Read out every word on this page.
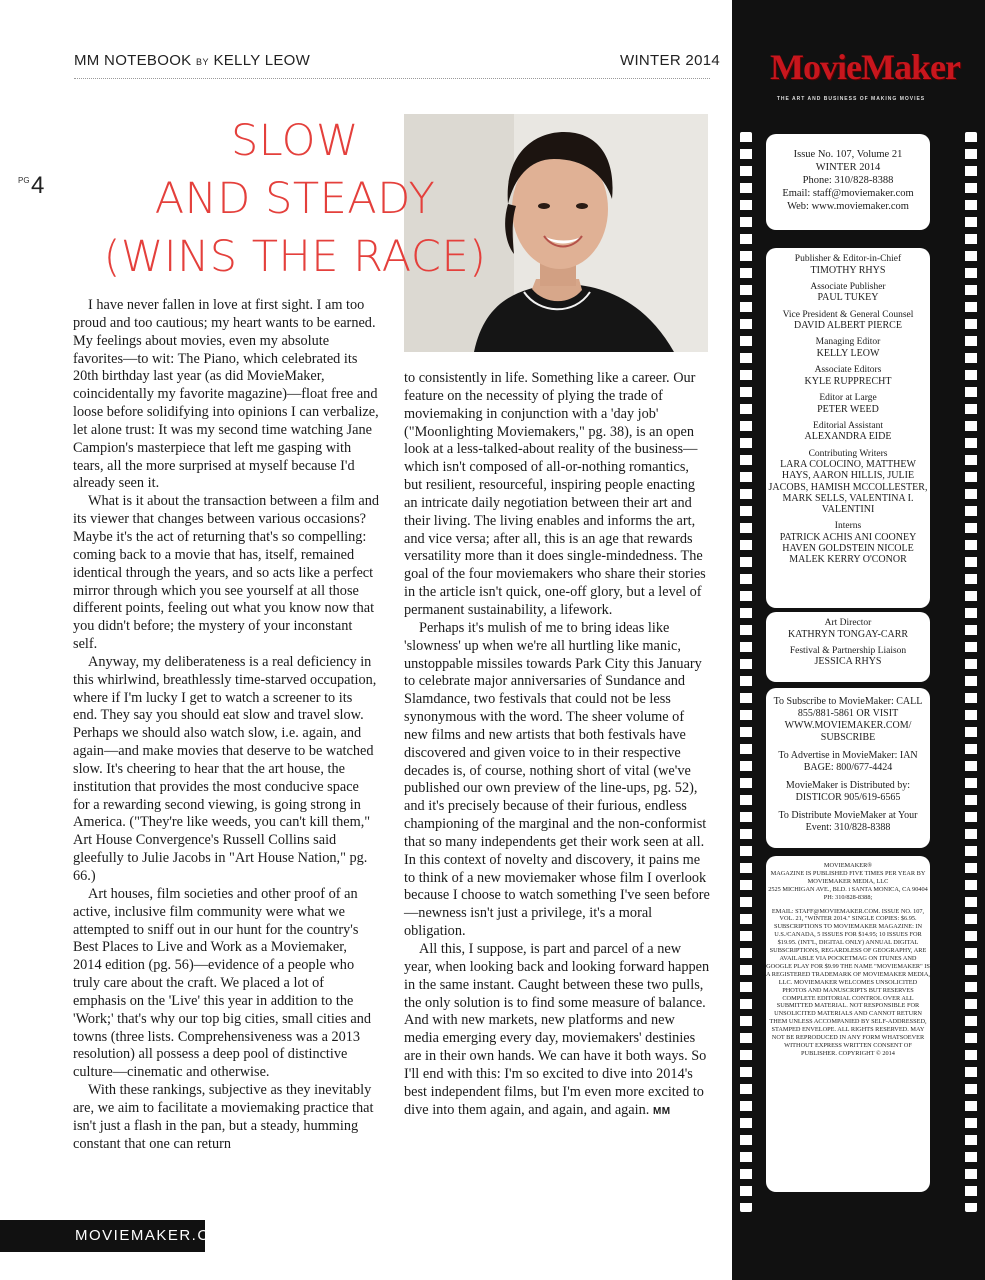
MM NOTEBOOK BY KELLY LEOW	WINTER 2014
PG 4
SLOW
AND STEADY
(WINS THE RACE)

I have never fallen in love at first sight. I am too proud and too cautious; my heart wants to be earned. My feelings about movies, even my absolute favorites—to wit: The Piano, which celebrated its 20th birthday last year (as did MovieMaker, coincidentally my favorite magazine)—float free and loose before solidifying into opinions I can verbalize, let alone trust: It was my second time watching Jane Campion's masterpiece that left me gasping with tears, all the more surprised at myself because I'd already seen it.

What is it about the transaction between a film and its viewer that changes between various occasions? Maybe it's the act of returning that's so compelling: coming back to a movie that has, itself, remained identical through the years, and so acts like a perfect mirror through which you see yourself at all those different points, feeling out what you know now that you didn't before; the mystery of your inconstant self.

Anyway, my deliberateness is a real deficiency in this whirlwind, breathlessly time-starved occupation, where if I'm lucky I get to watch a screener to its end. They say you should eat slow and travel slow. Perhaps we should also watch slow, i.e. again, and again—and make movies that deserve to be watched slow. It's cheering to hear that the art house, the institution that provides the most conducive space for a rewarding second viewing, is going strong in America. ("They're like weeds, you can't kill them," Art House Convergence's Russell Collins said gleefully to Julie Jacobs in "Art House Nation," pg. 66.)

Art houses, film societies and other proof of an active, inclusive film community were what we attempted to sniff out in our hunt for the country's Best Places to Live and Work as a Moviemaker, 2014 edition (pg. 56)—evidence of a people who truly care about the craft. We placed a lot of emphasis on the 'Live' this year in addition to the 'Work;' that's why our top big cities, small cities and towns (three lists. Comprehensiveness was a 2013 resolution) all possess a deep pool of distinctive culture—cinematic and otherwise.

With these rankings, subjective as they inevitably are, we aim to facilitate a moviemaking practice that isn't just a flash in the pan, but a steady, humming constant that one can return

to consistently in life. Something like a career. Our feature on the necessity of plying the trade of moviemaking in conjunction with a 'day job' ("Moonlighting Moviemakers," pg. 38), is an open look at a less-talked-about reality of the business—which isn't composed of all-or-nothing romantics, but resilient, resourceful, inspiring people enacting an intricate daily negotiation between their art and their living. The living enables and informs the art, and vice versa; after all, this is an age that rewards versatility more than it does single-mindedness. The goal of the four moviemakers who share their stories in the article isn't quick, one-off glory, but a level of permanent sustainability, a lifework.

Perhaps it's mulish of me to bring ideas like 'slowness' up when we're all hurtling like manic, unstoppable missiles towards Park City this January to celebrate major anniversaries of Sundance and Slamdance, two festivals that could not be less synonymous with the word. The sheer volume of new films and new artists that both festivals have discovered and given voice to in their respective decades is, of course, nothing short of vital (we've published our own preview of the line-ups, pg. 52), and it's precisely because of their furious, endless championing of the marginal and the non-conformist that so many independents get their work seen at all. In this context of novelty and discovery, it pains me to think of a new moviemaker whose film I overlook because I choose to watch something I've seen before—newness isn't just a privilege, it's a moral obligation.

All this, I suppose, is part and parcel of a new year, when looking back and looking forward happen in the same instant. Caught between these two pulls, the only solution is to find some measure of balance. And with new markets, new platforms and new media emerging every day, moviemakers' destinies are in their own hands. We can have it both ways. So I'll end with this: I'm so excited to dive into 2014's best independent films, but I'm even more excited to dive into them again, and again, and again. MM

MOVIEMAKER.COM
MovieMaker
THE ART AND BUSINESS OF MAKING MOVIES
Issue No. 107, Volume 21
WINTER 2014
Phone: 310/828-8388
Email: staff@moviemaker.com
Web: www.moviemaker.com
Publisher & Editor-in-Chief
TIMOTHY RHYS
Associate Publisher
PAUL TUKEY
Vice President & General Counsel
DAVID ALBERT PIERCE
Managing Editor
KELLY LEOW
Associate Editors
KYLE RUPPRECHT
Editor at Large
PETER WEED
Editorial Assistant
ALEXANDRA EIDE
Contributing Writers
LARA COLOCINO, MATTHEW HAYS, AARON HILLIS, JULIE JACOBS, HAMISH MCCOLLESTER, MARK SELLS, VALENTINA I. VALENTINI
Interns
PATRICK ACHIS ANI COONEY HAVEN GOLDSTEIN NICOLE MALEK KERRY O'CONOR
Art Director
KATHRYN TONGAY-CARR
Festival & Partnership Liaison
JESSICA RHYS
To Subscribe to MovieMaker: CALL 855/881-5861 OR VISIT WWW.MOVIEMAKER.COM/ SUBSCRIBE
To Advertise in MovieMaker: IAN BAGE: 800/677-4424
MovieMaker is Distributed by: DISTICOR 905/619-6565
To Distribute MovieMaker at Your Event: 310/828-8388
MOVIEMAKER®
MAGAZINE IS PUBLISHED FIVE TIMES PER YEAR BY MOVIEMAKER MEDIA, LLC
2525 MICHIGAN AVE., BLD. i SANTA MONICA, CA 90404 PH: 310/828-8388;
EMAIL: STAFF@MOVIEMAKER.COM. ISSUE NO. 107, VOL. 21, "WINTER 2014." SINGLE COPIES: $6.95. SUBSCRIPTIONS TO MOVIEMAKER MAGAZINE: IN U.S./CANADA, 5 ISSUES FOR $14.95; 10 ISSUES FOR $19.95. (INT'L, DIGITAL ONLY) ANNUAL DIGITAL SUBSCRIPTIONS, REGARDLESS OF GEOGRAPHY, ARE AVAILABLE VIA POCKETMAG ON ITUNES AND GOOGLE PLAY FOR $9.99 THE NAME "MOVIEMAKER" IS A REGISTERED TRADEMARK OF MOVIEMAKER MEDIA, LLC. MOVIEMAKER WELCOMES UNSOLICITED PHOTOS AND MANUSCRIPTS BUT RESERVES COMPLETE EDITORIAL CONTROL OVER ALL SUBMITTED MATERIAL. NOT RESPONSIBLE FOR UNSOLICITED MATERIALS AND CANNOT RETURN THEM UNLESS ACCOMPANIED BY SELF-ADDRESSED, STAMPED ENVELOPE. ALL RIGHTS RESERVED. MAY NOT BE REPRODUCED IN ANY FORM WHATSOEVER WITHOUT EXPRESS WRITTEN CONSENT OF PUBLISHER. COPYRIGHT © 2014
